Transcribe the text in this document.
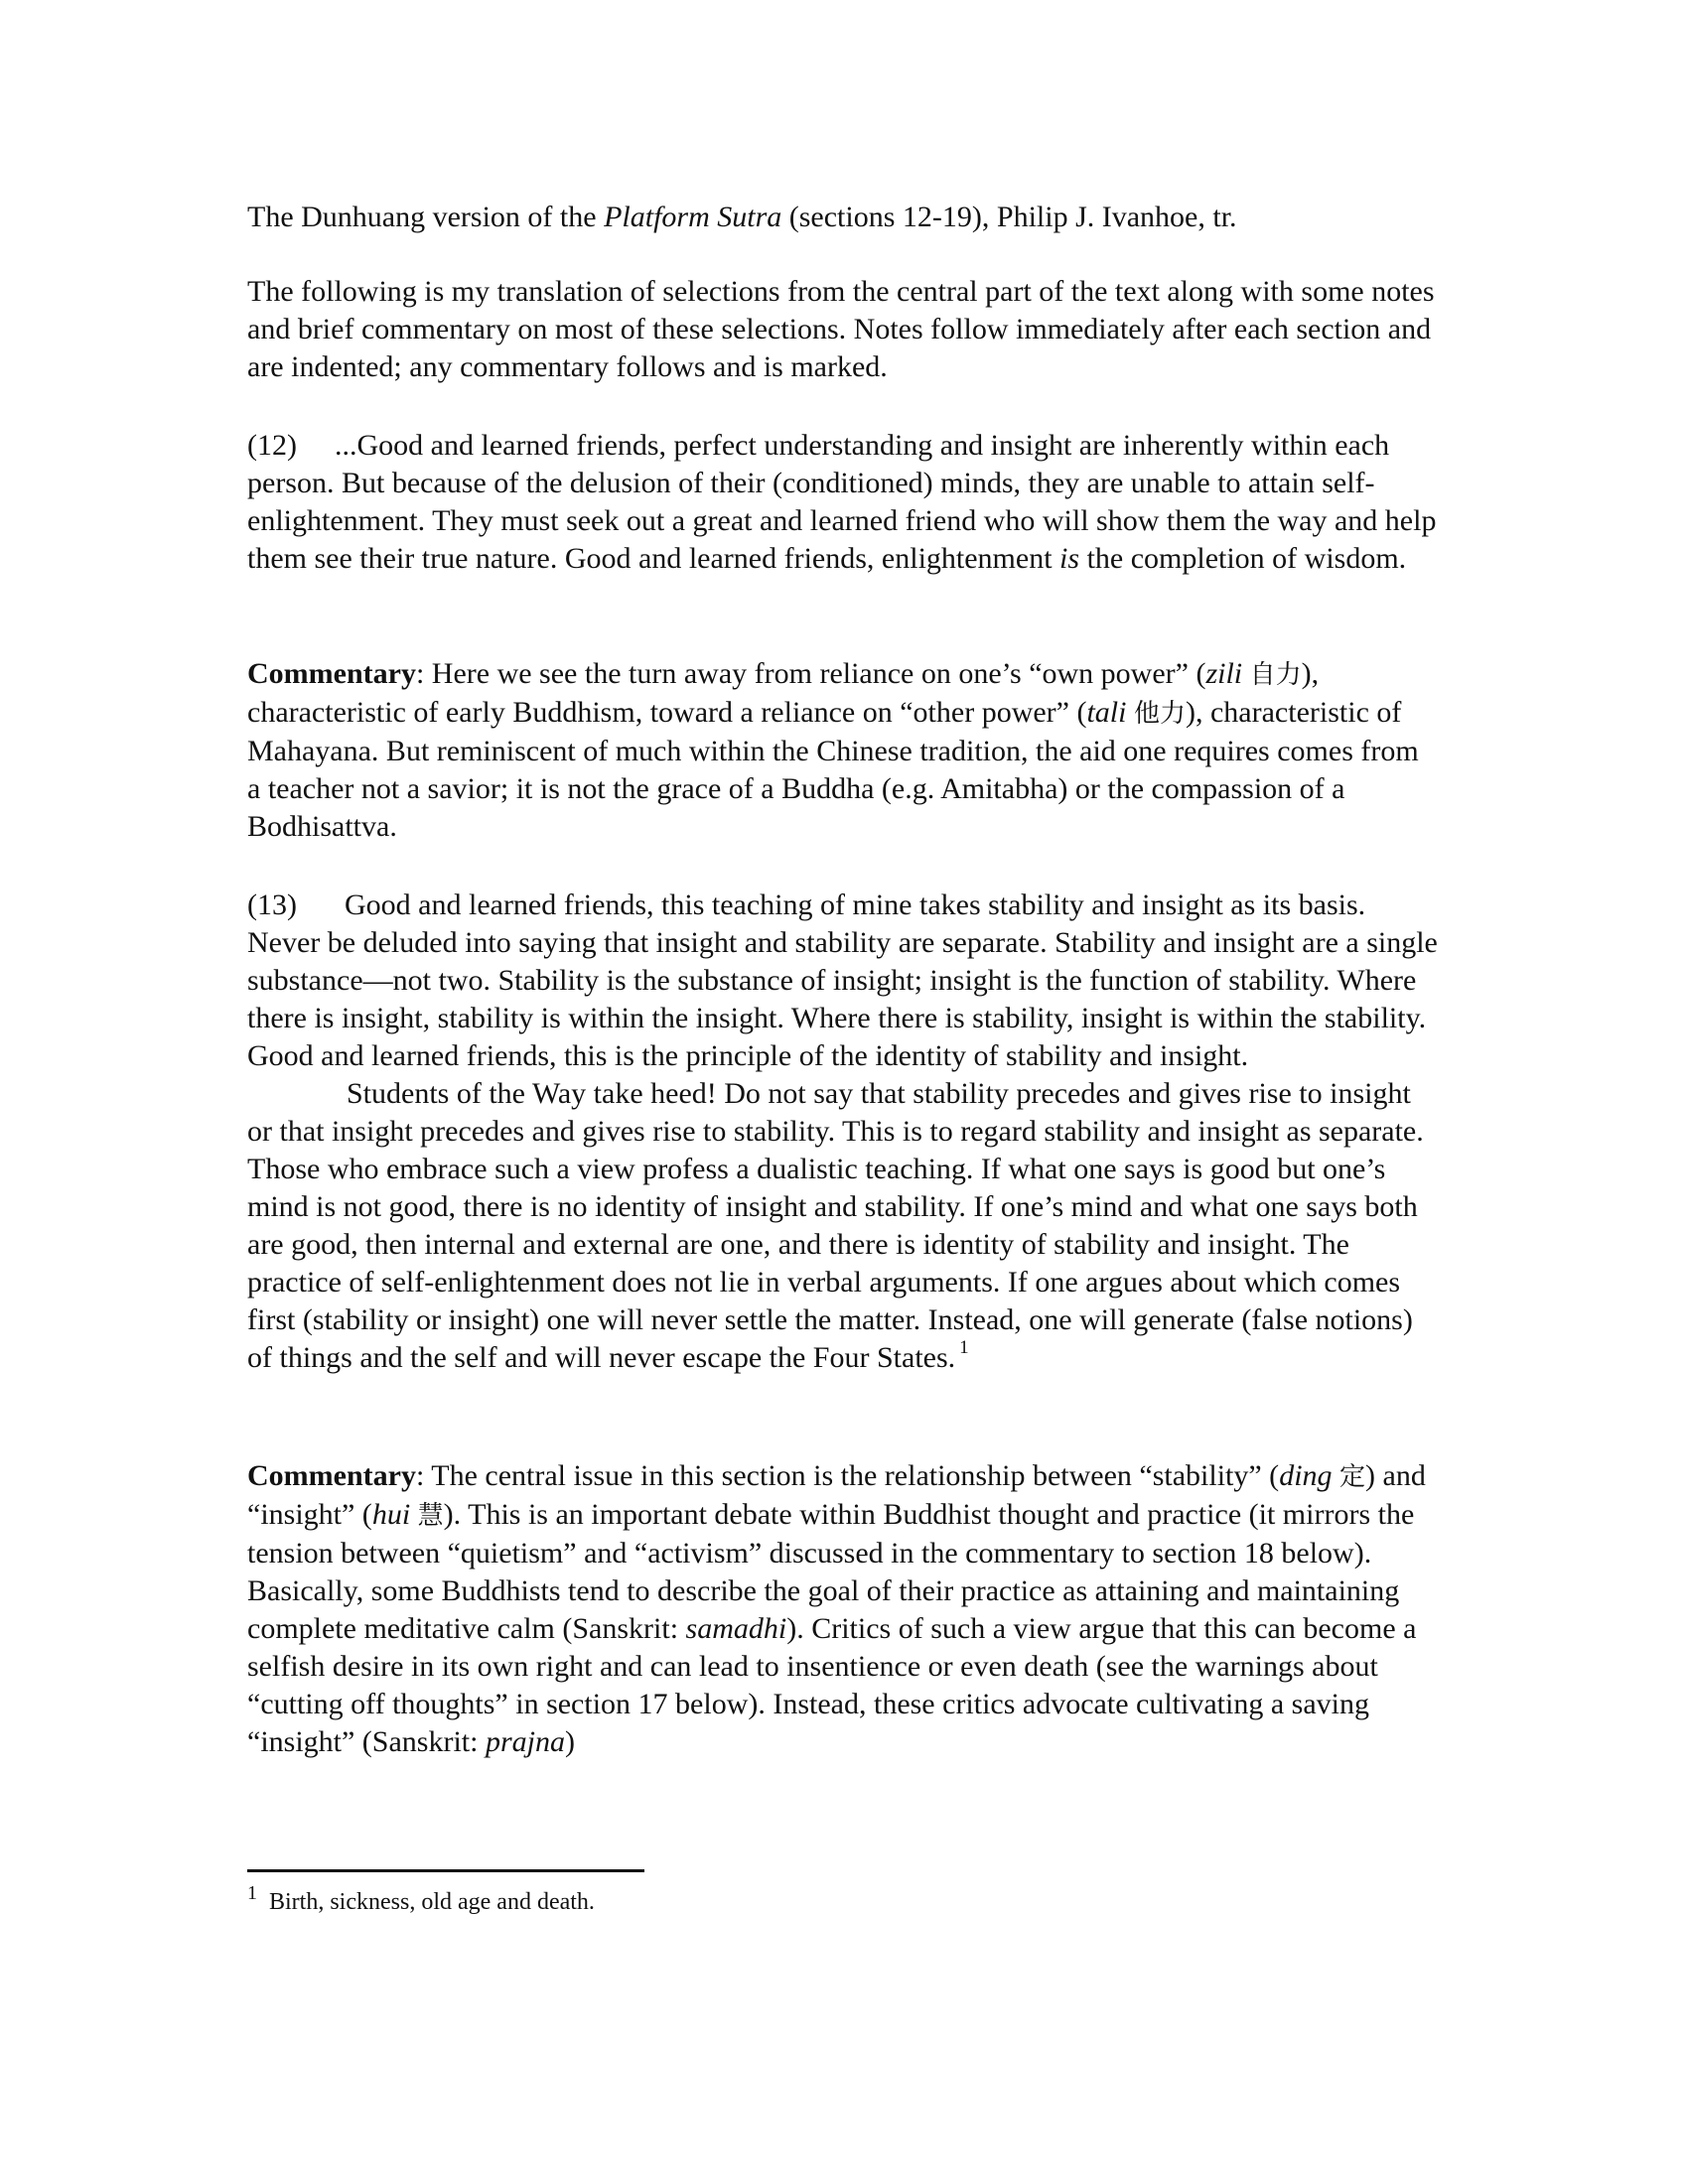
The Dunhuang version of the Platform Sutra (sections 12-19), Philip J. Ivanhoe, tr.

The following is my translation of selections from the central part of the text along with some notes and brief commentary on most of these selections. Notes follow immediately after each section and are indented; any commentary follows and is marked.

(12) ...Good and learned friends, perfect understanding and insight are inherently within each person. But because of the delusion of their (conditioned) minds, they are unable to attain self-enlightenment. They must seek out a great and learned friend who will show them the way and help them see their true nature. Good and learned friends, enlightenment is the completion of wisdom.

Commentary: Here we see the turn away from reliance on one’s “own power” (zili 自力), characteristic of early Buddhism, toward a reliance on “other power” (tali 他力), characteristic of Mahayana. But reminiscent of much within the Chinese tradition, the aid one requires comes from a teacher not a savior; it is not the grace of a Buddha (e.g. Amitabha) or the compassion of a Bodhisattva.

(13) Good and learned friends, this teaching of mine takes stability and insight as its basis. Never be deluded into saying that insight and stability are separate. Stability and insight are a single substance—not two. Stability is the substance of insight; insight is the function of stability. Where there is insight, stability is within the insight. Where there is stability, insight is within the stability. Good and learned friends, this is the principle of the identity of stability and insight.

Students of the Way take heed! Do not say that stability precedes and gives rise to insight or that insight precedes and gives rise to stability. This is to regard stability and insight as separate. Those who embrace such a view profess a dualistic teaching. If what one says is good but one’s mind is not good, there is no identity of insight and stability. If one’s mind and what one says both are good, then internal and external are one, and there is identity of stability and insight. The practice of self-enlightenment does not lie in verbal arguments. If one argues about which comes first (stability or insight) one will never settle the matter. Instead, one will generate (false notions) of things and the self and will never escape the Four States. $^1$

Commentary: The central issue in this section is the relationship between “stability” (ding 定) and “insight” (hui 慧). This is an important debate within Buddhist thought and practice (it mirrors the tension between “quietism” and “activism” discussed in the commentary to section 18 below). Basically, some Buddhists tend to describe the goal of their practice as attaining and maintaining complete meditative calm (Sanskrit: samadhi). Critics of such a view argue that this can become a selfish desire in its own right and can lead to insentience or even death (see the warnings about “cutting off thoughts” in section 17 below). Instead, these critics advocate cultivating a saving “insight” (Sanskrit: prajna)

$^1$ Birth, sickness, old age and death.
